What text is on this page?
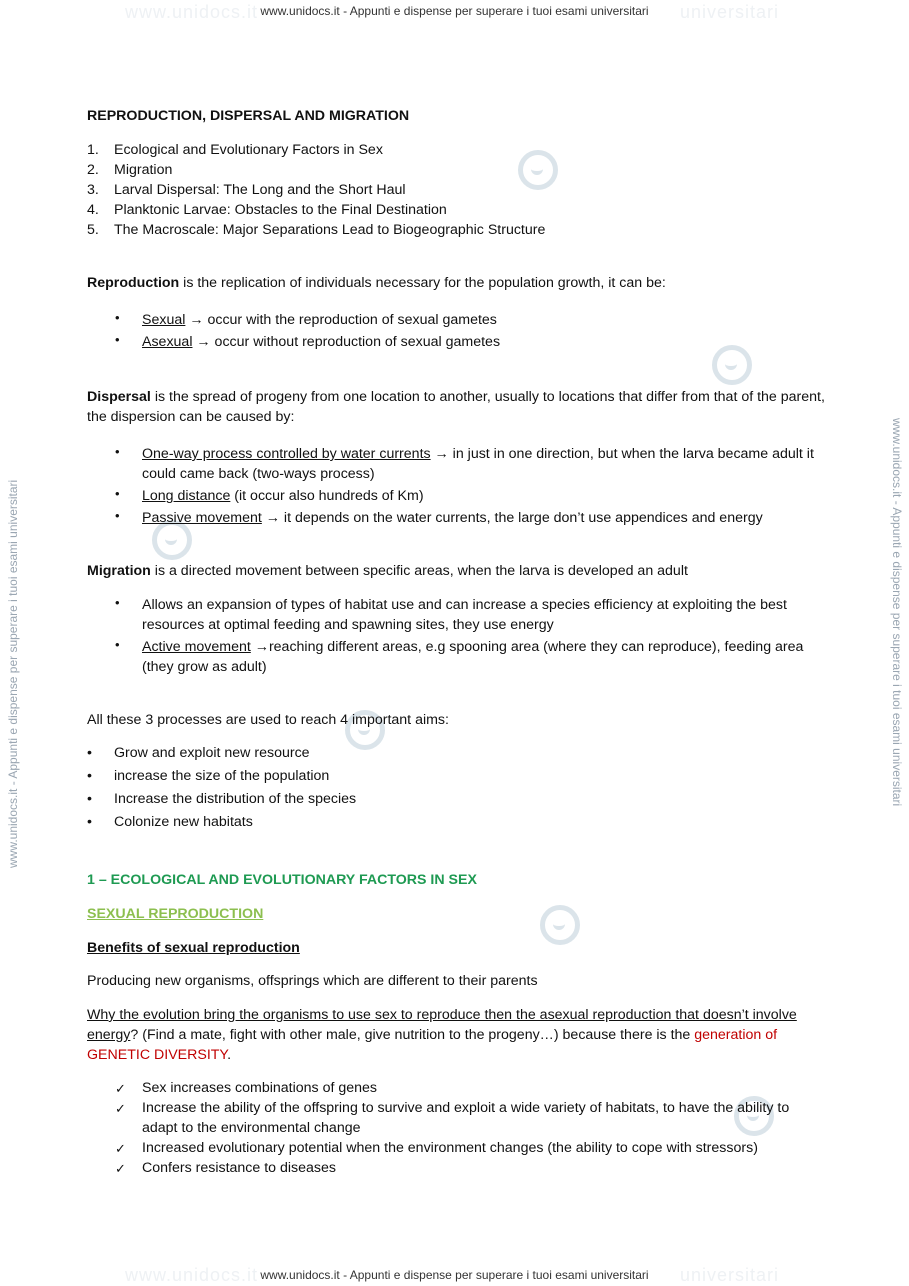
www.unidocs.it	universitari
www.unidocs.it - Appunti e dispense per superare i tuoi esami universitari
www.unidocs.it	universitari
www.unidocs.it - Appunti e dispense per superare i tuoi esami universitari
www.unidocs.it - Appunti e dispense per superare i tuoi esami universitari	www.unidocs.it - Appunti e dispense per superare i tuoi esami universitari

REPRODUCTION, DISPERSAL AND MIGRATION

1. Ecological and Evolutionary Factors in Sex
2. Migration
3. Larval Dispersal: The Long and the Short Haul
4. Planktonic Larvae: Obstacles to the Final Destination
5. The Macroscale: Major Separations Lead to Biogeographic Structure

Reproduction is the replication of individuals necessary for the population growth, it can be:

• Sexual → occur with the reproduction of sexual gametes
• Asexual → occur without reproduction of sexual gametes

Dispersal is the spread of progeny from one location to another, usually to locations that differ from that of the parent, the dispersion can be caused by:

• One-way process controlled by water currents → in just in one direction, but when the larva became adult it could came back (two-ways process)
• Long distance (it occur also hundreds of Km)
• Passive movement → it depends on the water currents, the large don’t use appendices and energy

Migration is a directed movement between specific areas, when the larva is developed an adult

• Allows an expansion of types of habitat use and can increase a species efficiency at exploiting the best resources at optimal feeding and spawning sites, they use energy
• Active movement →reaching different areas, e.g spooning area (where they can reproduce), feeding area (they grow as adult)

All these 3 processes are used to reach 4 important aims:

• Grow and exploit new resource
• increase the size of the population
• Increase the distribution of the species
• Colonize new habitats

1 – ECOLOGICAL AND EVOLUTIONARY FACTORS IN SEX

SEXUAL REPRODUCTION

Benefits of sexual reproduction

Producing new organisms, offsprings which are different to their parents

Why the evolution bring the organisms to use sex to reproduce then the asexual reproduction that doesn’t involve energy? (Find a mate, fight with other male, give nutrition to the progeny…) because there is the generation of GENETIC DIVERSITY.

✓ Sex increases combinations of genes
✓ Increase the ability of the offspring to survive and exploit a wide variety of habitats, to have the ability to adapt to the environmental change
✓ Increased evolutionary potential when the environment changes (the ability to cope with stressors)
✓ Confers resistance to diseases
